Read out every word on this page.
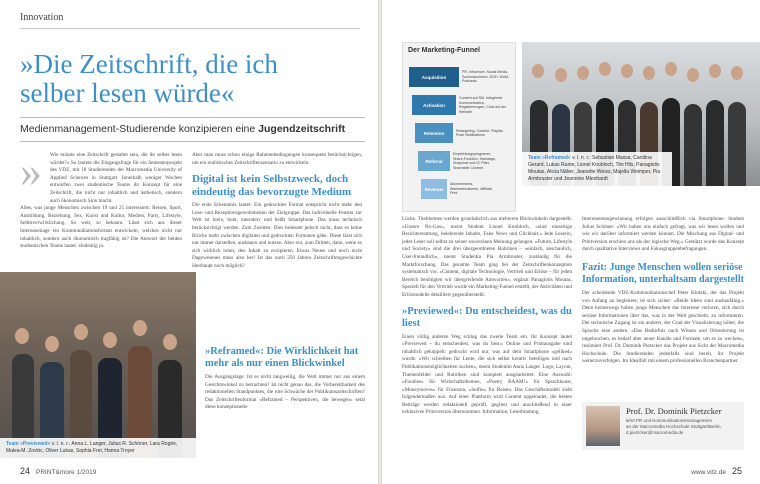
Innovation
»Die Zeitschrift, die ich
selber lesen würde«
Medienmanagement-Studierende konzipieren eine Jugendzeitschrift
»	Wie müsste eine Zeitschrift gestaltet sein, die ihr selber lesen würdet?« So lautete die Eingangsfrage für ein Semesterprojekt des VDZ, mit 18 Studierenden der Macromedia University of Applied Sciences in Stuttgart. Innerhalb weniger Wochen entwarfen zwei studentische Teams ihr Konzept für eine Zeitschrift, die nicht nur inhaltlich und ästhetisch, sondern auch ökonomisch Sinn macht.

Alles, was junge Menschen zwischen 19 und 25 interessiert: Reisen, Sport, Ausbildung, Beziehung, Sex, Kunst und Kultur, Medien, Party, Lifestyle, Selbstverwirklichung. So weit, so bekannt. Lässt sich aus dieser Interessenlage ein Kommunikationsformat entwickeln, welches nicht nur inhaltlich, sondern auch ökonomisch tragfähig ist? Die Antwort der beiden studentischen Teams lautet: eindeutig ja.

Aber man muss schon einige Rahmenbedingungen konsequent berücksichtigen, um ein realistisches Zeitschriftenszenario zu entwickeln.

Digital ist kein Selbstzweck, doch eindeutig das bevorzugte Medium

Die erste Erkenntnis lautet: Ein gedrucktes Format entspricht nicht mehr den Lese- und Rezeptionsgewohnheiten der Zielgruppe. Das individuelle Fenster zur Welt ist klein, bunt, interaktiv und heißt Smartphone. Das muss technisch berücksichtigt werden. Zum Zweiten: Dies bedeutet jedoch nicht, dass es keine Brücke mehr zwischen digitalen und gedruckten Formaten gäbe. Diese lässt sich nur immer darstellen, ausbauen und nutzen. Aber nur, zum Dritten, dann, wenn es sich wirklich lohnt, den Inhalt zu exzipieren. Etwas Neues und noch nicht Dagewesenes muss also her! Ist das nach 250 Jahren Zeitschriftengeschichte überhaupt noch möglich?

Team »Previewed« v. l. n. r.: Anna L. Langer, Julius R. Schöner, Lara Rogée, Malea-M. Zovkic, Oliver Lukas, Sophia Frei, Hanna Troyer
»Reframed«: Die Wirklichkeit hat mehr als nur einen Blickwinkel

Die Ausgangslage: Ist es nicht langweilig, die Welt immer nur aus einem Gesichtswinkel zu betrachten? Ist nicht genau das, die Vorbereitbarkeit des redaktionellen Standpunktes, die rote Schwäche der Publikumszeitschriften? Das Zeitschriftenformat »Reframed – Perspektiven, die bewegen« setzt diese konzeptionelle

24 PRINT&more 1/2019
Der Marketing-Funnel
Acquisition
PR, Influencer, Social Media, Suchmaschinen, DOH, WoM, Podcasts
Activation
Content auf SM, Integrierte Kommunikation, Registrierungen, Chat auf der Website
Retention	Retargeting, Content, Playlist, Push Notifications
Referral
Empfehlungsprogramm, Share-Funktion, Hashtags, Snapchat und IG Filter, Shareable Content
Revenue
Abonnements, Werbeeinnahmen, Affiliate, Print
Team »Reframed« v. l. n. r.: Sebastian Massa, Carolina Gerard, Lukas Runte, Lionel Knobloch, Tim Hils, Panagiotis Moutas, Alicia Näher, Jeanette Weiss, Majella Weimper, Pia Armbruster und Jeannine Mienhardt

Lücke. Titelthemen werden grundsätzlich aus mehreren Blickwinkeln dargestellt. »Unsere No-Gos«, meint Student Lionel Knobloch, »sind einseitige Berichterstattung, belehrende Inhalte, Fake News und Clickbait.« Jede Leserin, jeder Leser soll selbst zu seiner souveränen Meinung gelangen. »Future, Lifestyle und Society« sind die drei übergeordneten Rubriken – »einfach, anschaulich, User-freundlich«, meint Studentin Pia Armbruster, zuständig für die Marktforschung. Das gesamte Team ging bei der Zeitschriftenkonzeption systematisch vor. »Content, digitale Technologie, Vertrieb und Erlöse – für jeden Bereich benötigten wir übergreifende Antworten«, ergänzt Panagiotis Moutas. Speziell für den Vertrieb wurde ein Marketing-Funnel erstellt, der Aktivitäten und Erlösmodelle detailliert gegenüberstellt.

»Previewed«: Du entscheidest, was du liest

Einen völlig anderen Weg schlug das zweite Team ein. Ihr Konzept lautet »Previewed – du entscheidest, was du liest«. Online und Printausgabe sind inhaltlich gekoppelt: gedruckt wird nur, was auf dem Smartphone »geliked« wurde. »Wir schreiben für Leute, die sich selbst kreativ beteiligen und nach Publikationsmöglichkeiten suchen«, meint Studentin Anna Langer. Logo, Layout, Themenfelder und Rubriken sind komplett ausgearbeitet. Eine Auswahl: »Foodies« für Wirtschaftsthemen, »Poetry BAAM!« für Sprachkunst, »Moneymoves« für Finanzen, »Selfie« für Reisen. Das Geschäftsmodell sieht folgendermaßen aus: Auf einer Plattform wird Content upgeloadet, die besten Beiträge werden redaktionell geprüft, gegliert und anschließend in einer exklusiven Printversion übernommen. Information, Leserbindung,

Interessentengewinnung erfolgen ausschließlich via Smartphone. Student Julius Schöner: »Wir haben uns einfach gefragt, was wir lesen wollen und wie wir darüber informiert werden können. Die Mischung aus Digital- und Printversion erschien uns als der logische Weg.« Gestützt wurde das Konzept durch qualitative Interviews und Fokusgruppenbefragungen.

Fazit: Junge Menschen wollen seriöse Information, unterhaltsam dargestellt

Der scheidende VDZ-Kommunikationschef Peter Klotzki, der das Projekt von Anfang an begleitete, ist sich sicher: »Beide Ideen sind ausbaufähig.« Denn keineswegs haben junge Menschen das Interesse verloren, sich durch seriöse Informationen über das, was in der Welt geschieht, zu informieren. Der technische Zugang ist ein anderer, der Grad der Visualisierung höher, die Sprache eine andere. »Das Bedürfnis nach Wissen und Orientierung ist ungebrochen, es bedarf aber neuer Kanäle und Formate, um es zu wecken«, resümiert Prof. Dr. Dominik Pietzcker das Projekt aus Sicht der Macromedia Hochschule. Die Studierenden jedenfalls sind bereit, ihr Projekt weiterzuverfolgen. Im Idealfall mit einem professionellen Branchenpartner.

Prof. Dr. Dominik Pietzcker
lehrt PR und Kommunikationsmanagement
an der Macromedia Hochschule Stuttgart/Berlin,
d.pietzcker@macromedia.de
www.vdz.de 25
